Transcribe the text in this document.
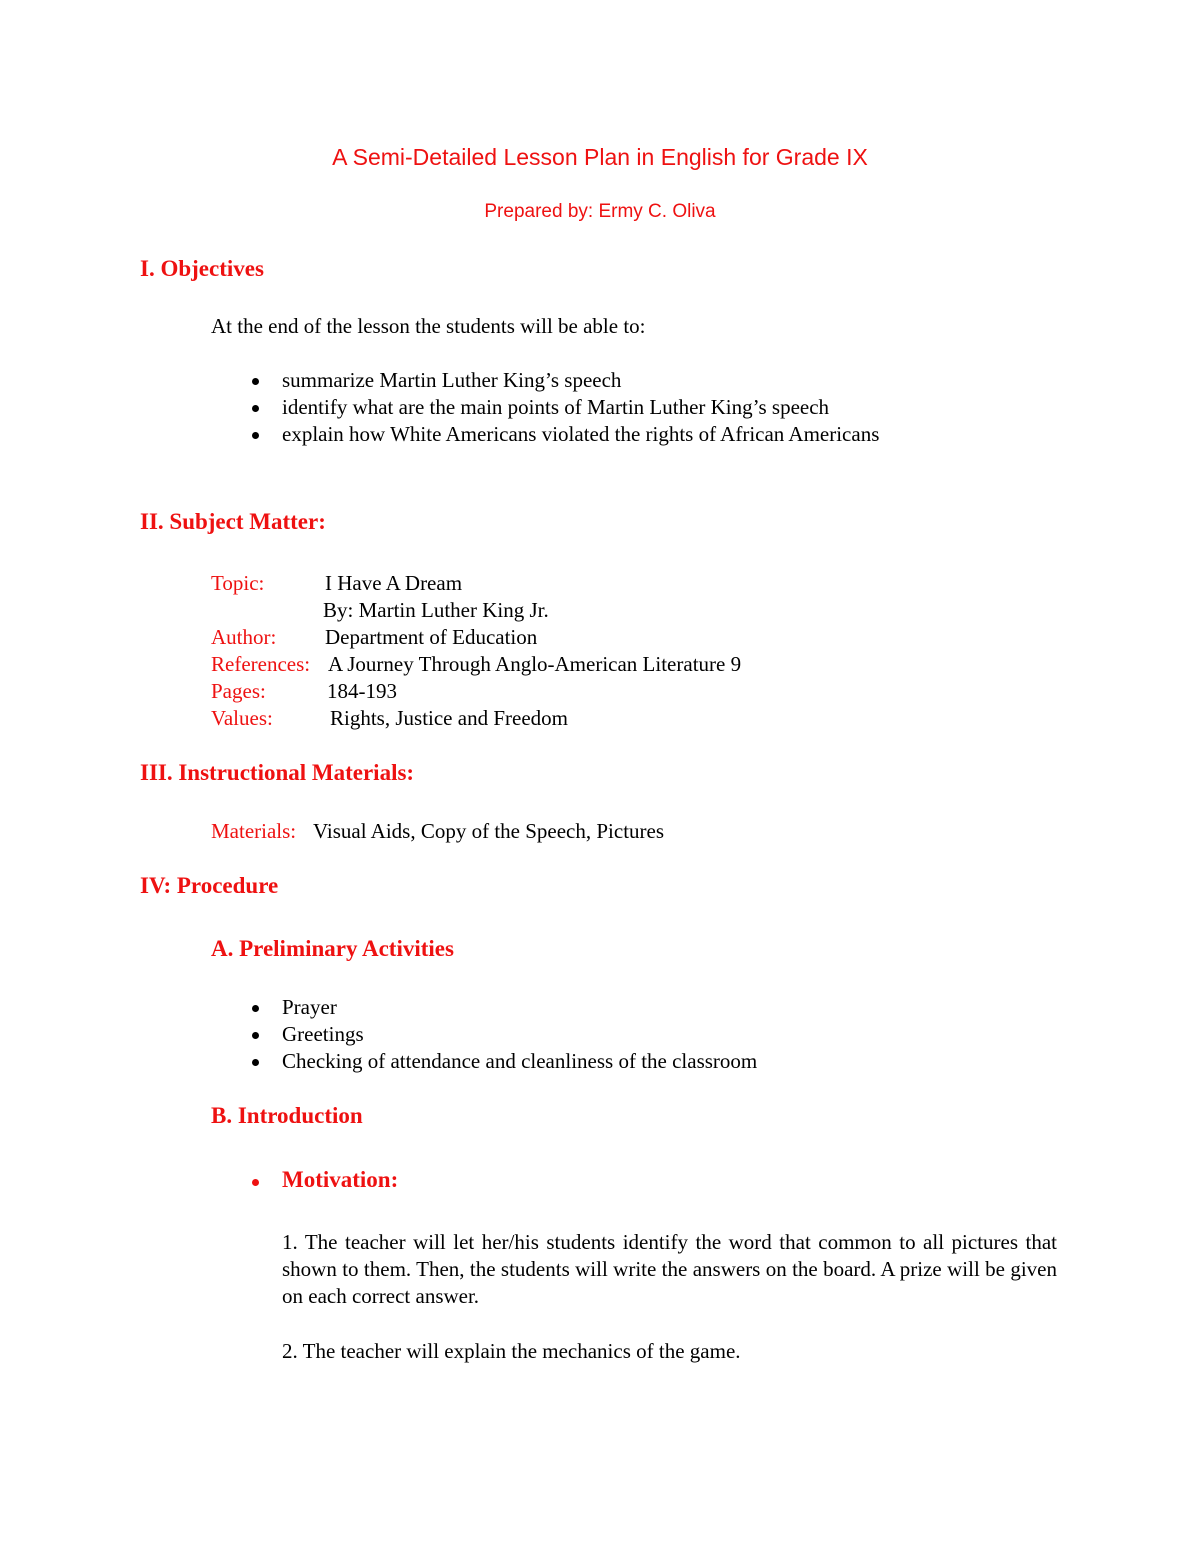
A Semi-Detailed Lesson Plan in English for Grade IX
Prepared by: Ermy C. Oliva
I. Objectives
At the end of the lesson the students will be able to:
summarize Martin Luther King’s speech
identify what are the main points of Martin Luther King’s speech
explain how White Americans violated the rights of African Americans
II. Subject Matter:
Topic:	I Have A Dream
By: Martin Luther King Jr.
Author: Department of Education
References: A Journey Through Anglo-American Literature 9
Pages:	184-193
Values:	Rights, Justice and Freedom
III. Instructional Materials:
Materials: Visual Aids, Copy of the Speech, Pictures
IV: Procedure
A. Preliminary Activities
Prayer
Greetings
Checking of attendance and cleanliness of the classroom
B. Introduction
Motivation:
1. The teacher will let her/his students identify the word that common to all pictures that shown to them. Then, the students will write the answers on the board. A prize will be given on each correct answer.
2. The teacher will explain the mechanics of the game.
